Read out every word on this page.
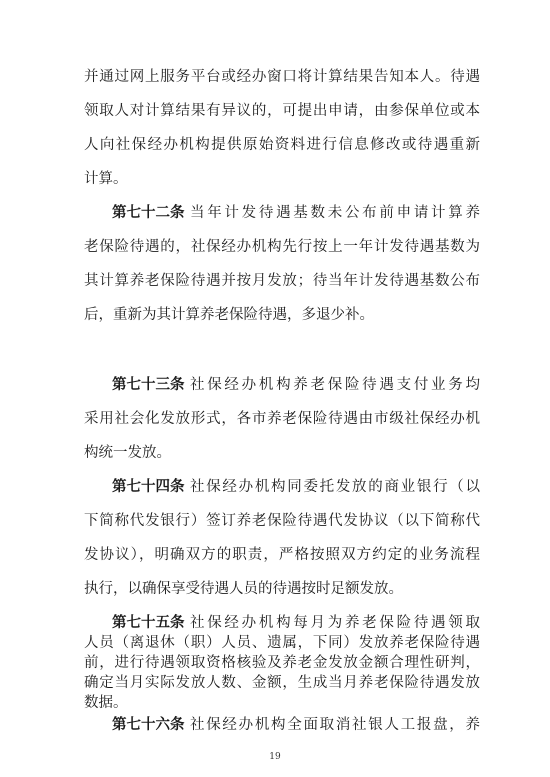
并通过网上服务平台或经办窗口将计算结果告知本人。待遇
领取人对计算结果有异议的，可提出申请，由参保单位或本
人向社保经办机构提供原始资料进行信息修改或待遇重新
计算。
第七十二条 当年计发待遇基数未公布前申请计算养
老保险待遇的，社保经办机构先行按上一年计发待遇基数为
其计算养老保险待遇并按月发放；待当年计发待遇基数公布
后，重新为其计算养老保险待遇，多退少补。
第七十三条 社保经办机构养老保险待遇支付业务均
采用社会化发放形式，各市养老保险待遇由市级社保经办机
构统一发放。
第七十四条 社保经办机构同委托发放的商业银行（以
下简称代发银行）签订养老保险待遇代发协议（以下简称代
发协议），明确双方的职责，严格按照双方约定的业务流程
执行，以确保享受待遇人员的待遇按时足额发放。
第七十五条 社保经办机构每月为养老保险待遇领取
人员（离退休（职）人员、遗属，下同）发放养老保险待遇
19
前，进行待遇领取资格核验及养老金发放金额合理性研判，
确定当月实际发放人数、金额，生成当月养老保险待遇发放
数据。
第七十六条 社保经办机构全面取消社银人工报盘，养
